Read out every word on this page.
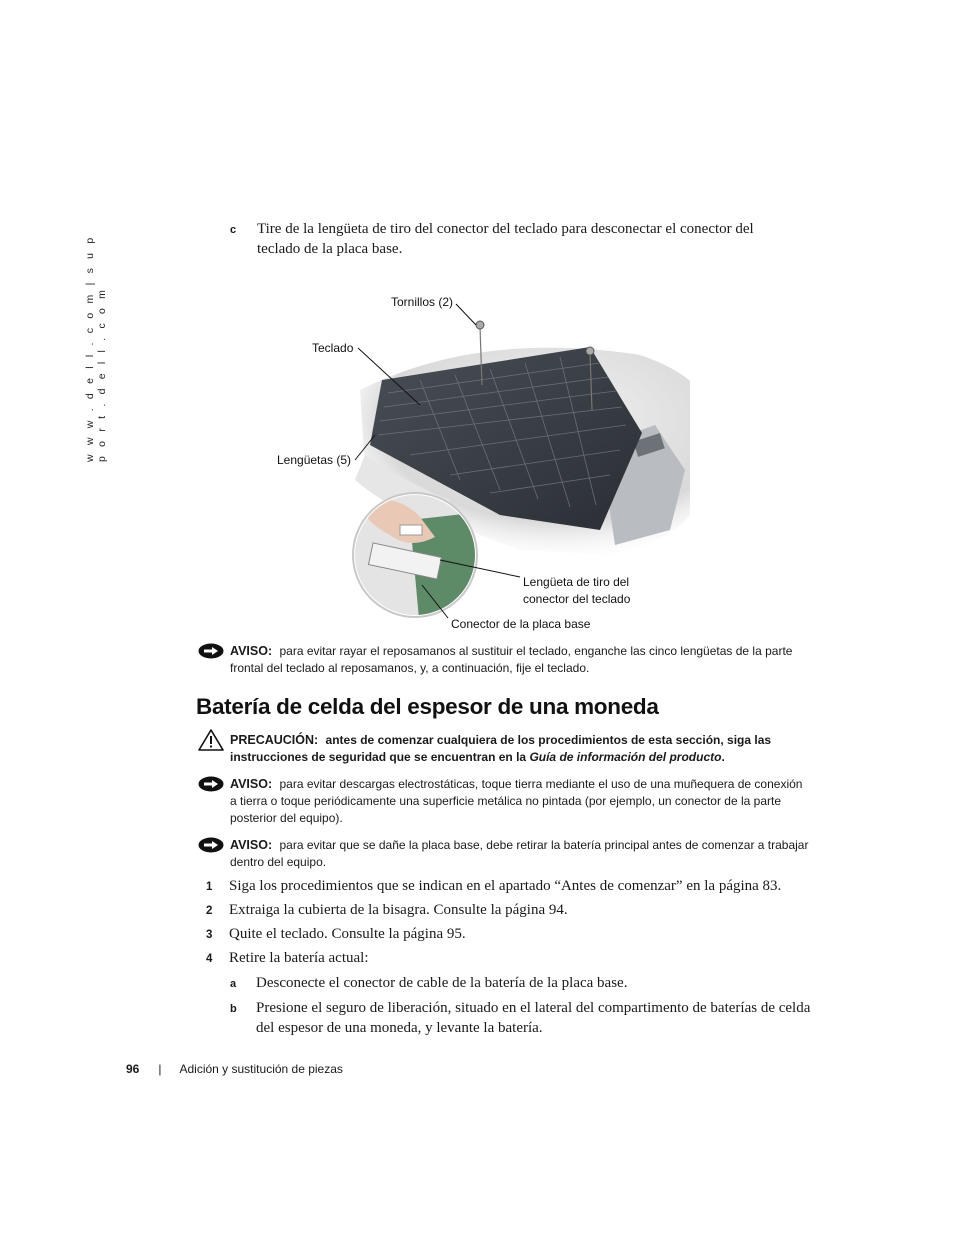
w w w . d e l l . c o m | s u p p o r t . d e l l . c o m
c Tire de la lengüeta de tiro del conector del teclado para desconectar el conector del teclado de la placa base.
Tornillos (2)
Teclado
Lengüetas (5)
Lengüeta de tiro del
conector del teclado
Conector de la placa base
AVISO: para evitar rayar el reposamanos al sustituir el teclado, enganche las cinco lengüetas de la parte frontal del teclado al reposamanos, y, a continuación, fije el teclado.
Batería de celda del espesor de una moneda
PRECAUCIÓN: antes de comenzar cualquiera de los procedimientos de esta sección, siga las instrucciones de seguridad que se encuentran en la Guía de información del producto.
AVISO: para evitar descargas electrostáticas, toque tierra mediante el uso de una muñequera de conexión a tierra o toque periódicamente una superficie metálica no pintada (por ejemplo, un conector de la parte posterior del equipo).
AVISO: para evitar que se dañe la placa base, debe retirar la batería principal antes de comenzar a trabajar dentro del equipo.
1 Siga los procedimientos que se indican en el apartado “Antes de comenzar” en la página 83.
2 Extraiga la cubierta de la bisagra. Consulte la página 94.
3 Quite el teclado. Consulte la página 95.
4 Retire la batería actual:
a Desconecte el conector de cable de la batería de la placa base.
b Presione el seguro de liberación, situado en el lateral del compartimento de baterías de celda del espesor de una moneda, y levante la batería.
96 | Adición y sustitución de piezas
